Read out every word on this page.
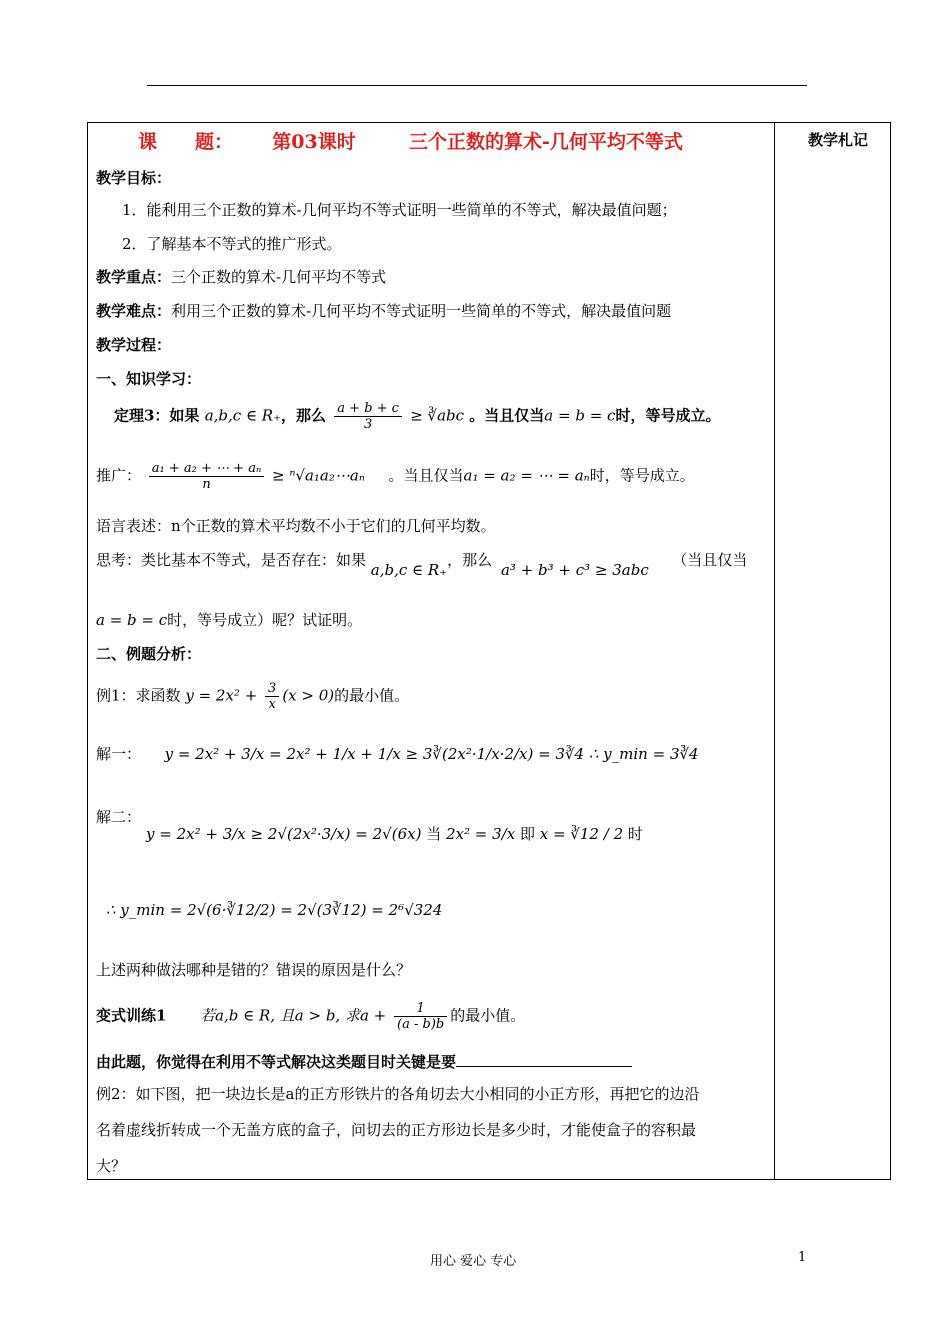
教学札记
课　　题： 第03课时	三个正数的算术-几何平均不等式
教学目标：
1．能利用三个正数的算术-几何平均不等式证明一些简单的不等式，解决最值问题；
2．了解基本不等式的推广形式。
教学重点：三个正数的算术-几何平均不等式
教学难点：利用三个正数的算术-几何平均不等式证明一些简单的不等式，解决最值问题
教学过程：
一、知识学习：
定理3：如果 a,b,c ∈ R₊，那么 $\frac{a + b + c}{3}$ ≥ ∛abc 。当且仅当a = b = c时，等号成立。
推广： $\frac{\text{a₁ + a₂ + ⋯ + aₙ}}{n}$ ≥ ⁿ√a₁a₂⋯aₙ 。当且仅当a₁ = a₂ = ⋯ = aₙ时，等号成立。
语言表述：n个正数的算术平均数不小于它们的几何平均数。
思考：类比基本不等式，是否存在：如果 a,b,c ∈ R₊，那么 a³ + b³ + c³ ≥ 3abc  （当且仅当
a = b = c时，等号成立）呢？试证明。
二、例题分析：
例1：求函数 $y = 2x^2 + \frac{3}{x} (x > 0)$的最小值。
解一： y = 2x² + 3/x = 2x² + 1/x + 1/x ≥ 3∛(2x²·1/x·2/x) = 3∛4 ∴ y_min = 3∛4
解二：
y = 2x² + 3/x ≥ 2√(2x²·3/x) = 2√(6x) 当 2x² = 3/x 即 x = ∛12 / 2 时
∴ y_min = 2√(6·∛12/2) = 2√(3∛12) = 2⁶√324
上述两种做法哪种是错的？错误的原因是什么？
变式训练1 若a,b ∈ R, 且a > b, 求$a + \frac{1}{(a - b)b}$ 的最小值。
由此题，你觉得在利用不等式解决这类题目时关键是要
例2：如下图，把一块边长是a的正方形铁片的各角切去大小相同的小正方形，再把它的边沿
名着虚线折转成一个无盖方底的盒子，问切去的正方形边长是多少时，才能使盒子的容积最
大？
用心 爱心 专心	1
